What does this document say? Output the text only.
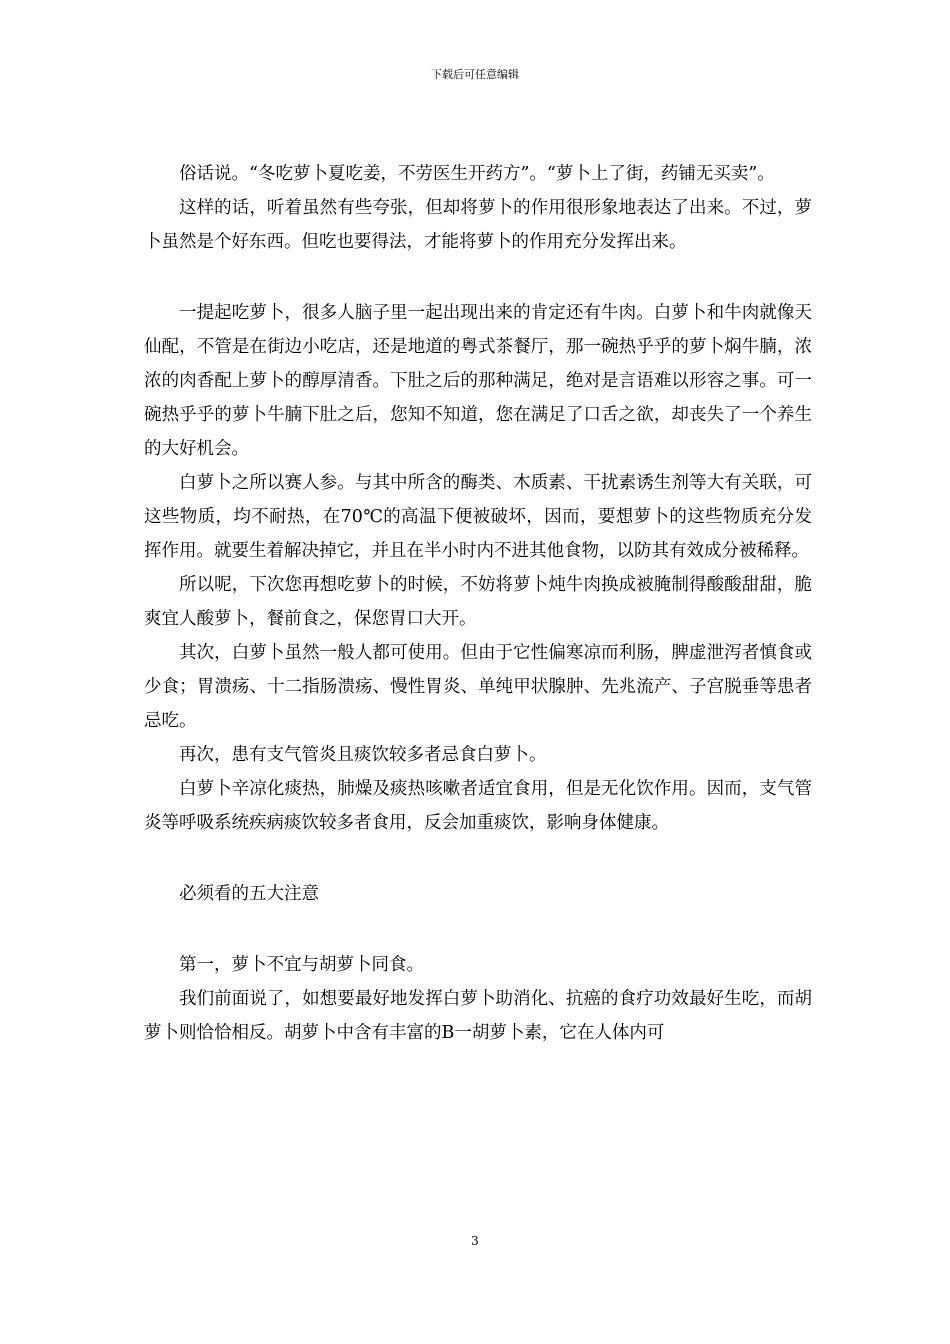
下载后可任意编辑

俗话说。“冬吃萝卜夏吃姜，不劳医生开药方”。“萝卜上了街，药铺无买卖”。

这样的话，听着虽然有些夸张，但却将萝卜的作用很形象地表达了出来。不过，萝卜虽然是个好东西。但吃也要得法，才能将萝卜的作用充分发挥出来。

一提起吃萝卜，很多人脑子里一起出现出来的肯定还有牛肉。白萝卜和牛肉就像天仙配，不管是在街边小吃店，还是地道的粤式茶餐厅，那一碗热乎乎的萝卜焖牛腩，浓浓的肉香配上萝卜的醇厚清香。下肚之后的那种满足，绝对是言语难以形容之事。可一碗热乎乎的萝卜牛腩下肚之后，您知不知道，您在满足了口舌之欲，却丧失了一个养生的大好机会。

白萝卜之所以赛人参。与其中所含的酶类、木质素、干扰素诱生剂等大有关联，可这些物质，均不耐热，在70℃的高温下便被破坏，因而，要想萝卜的这些物质充分发挥作用。就要生着解决掉它，并且在半小时内不进其他食物，以防其有效成分被稀释。

所以呢，下次您再想吃萝卜的时候，不妨将萝卜炖牛肉换成被腌制得酸酸甜甜，脆爽宜人酸萝卜，餐前食之，保您胃口大开。

其次，白萝卜虽然一般人都可使用。但由于它性偏寒凉而利肠，脾虚泄泻者慎食或少食；胃溃疡、十二指肠溃疡、慢性胃炎、单纯甲状腺肿、先兆流产、子宫脱垂等患者忌吃。

再次，患有支气管炎且痰饮较多者忌食白萝卜。

白萝卜辛凉化痰热，肺燥及痰热咳嗽者适宜食用，但是无化饮作用。因而，支气管炎等呼吸系统疾病痰饮较多者食用，反会加重痰饮，影响身体健康。

必须看的五大注意

第一，萝卜不宜与胡萝卜同食。

我们前面说了，如想要最好地发挥白萝卜助消化、抗癌的食疗功效最好生吃，而胡萝卜则恰恰相反。胡萝卜中含有丰富的Β一胡萝卜素，它在人体内可

3
